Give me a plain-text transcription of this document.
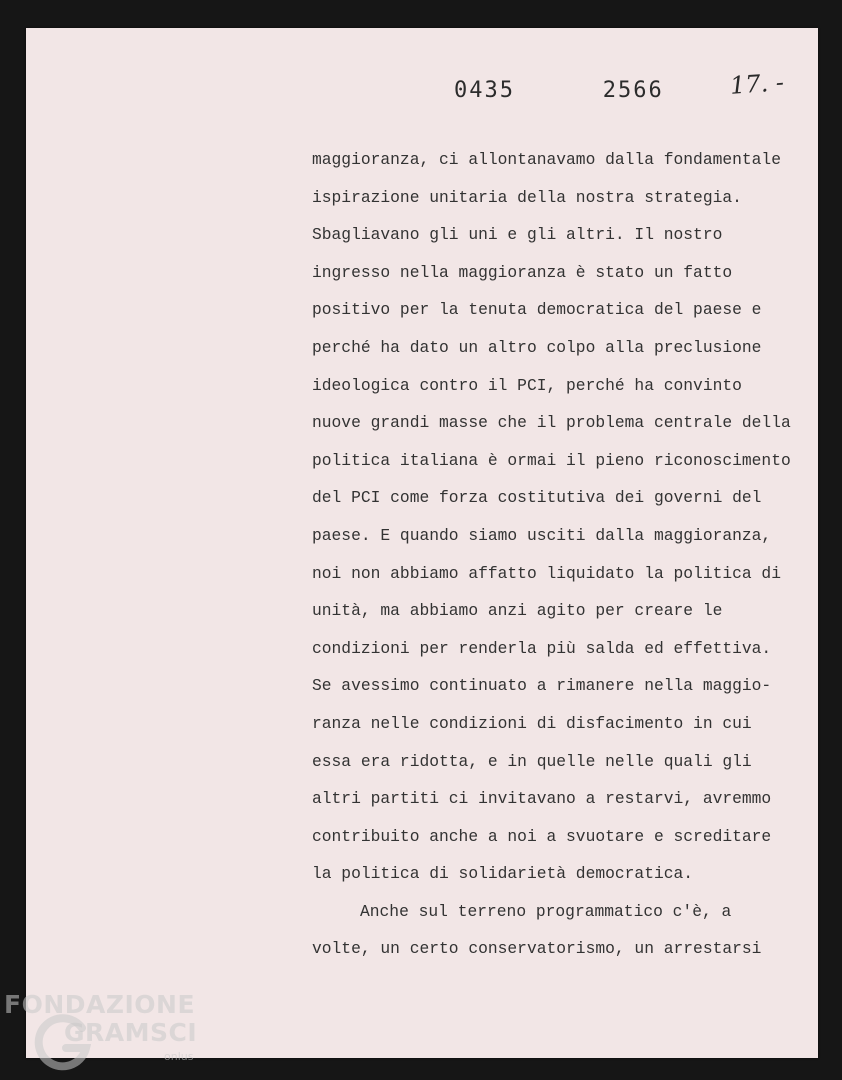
0435   2566	17. -
maggioranza, ci allontanavamo dalla fondamentale
ispirazione unitaria della nostra strategia.
Sbagliavano gli uni e gli altri. Il nostro
ingresso nella maggioranza è stato un fatto
positivo per la tenuta democratica del paese e
perché ha dato un altro colpo alla preclusione
ideologica contro il PCI, perché ha convinto
nuove grandi masse che il problema centrale della
politica italiana è ormai il pieno riconoscimento
del PCI come forza costitutiva dei governi del
paese. E quando siamo usciti dalla maggioranza,
noi non abbiamo affatto liquidato la politica di
unità, ma abbiamo anzi agito per creare le
condizioni per renderla più salda ed effettiva.
Se avessimo continuato a rimanere nella maggio-
ranza nelle condizioni di disfacimento in cui
essa era ridotta, e in quelle nelle quali gli
altri partiti ci invitavano a restarvi, avremmo
contribuito anche a noi a svuotare e screditare
la politica di solidarietà democratica.
Anche sul terreno programmatico c'è, a
volte, un certo conservatorismo, un arrestarsi
FONDAZIONE
GRAMSCI
onlus
